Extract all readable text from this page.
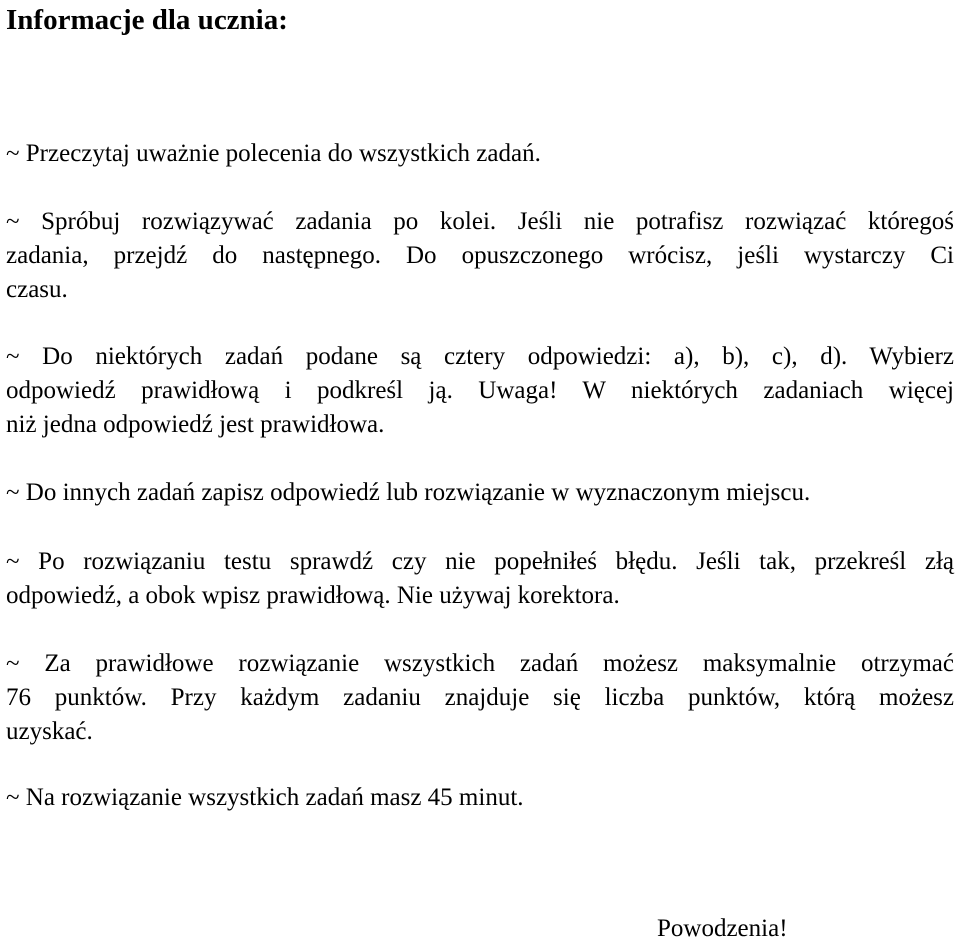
Informacje dla ucznia:
~ Przeczytaj uważnie polecenia do wszystkich zadań.
~ Spróbuj rozwiązywać zadania po kolei. Jeśli nie potrafisz rozwiązać któregoś
zadania, przejdź do następnego. Do opuszczonego wrócisz, jeśli wystarczy Ci
czasu.
~ Do niektórych zadań podane są cztery odpowiedzi: a), b), c), d). Wybierz
odpowiedź prawidłową i podkreśl ją. Uwaga! W niektórych zadaniach więcej
niż jedna odpowiedź jest prawidłowa.
~ Do innych zadań zapisz odpowiedź lub rozwiązanie w wyznaczonym miejscu.
~ Po rozwiązaniu testu sprawdź czy nie popełniłeś błędu. Jeśli tak, przekreśl złą
odpowiedź, a obok wpisz prawidłową. Nie używaj korektora.
~ Za prawidłowe rozwiązanie wszystkich zadań możesz maksymalnie otrzymać
76 punktów. Przy każdym zadaniu znajduje się liczba punktów, którą możesz
uzyskać.
~ Na rozwiązanie wszystkich zadań masz 45 minut.

Powodzenia!
